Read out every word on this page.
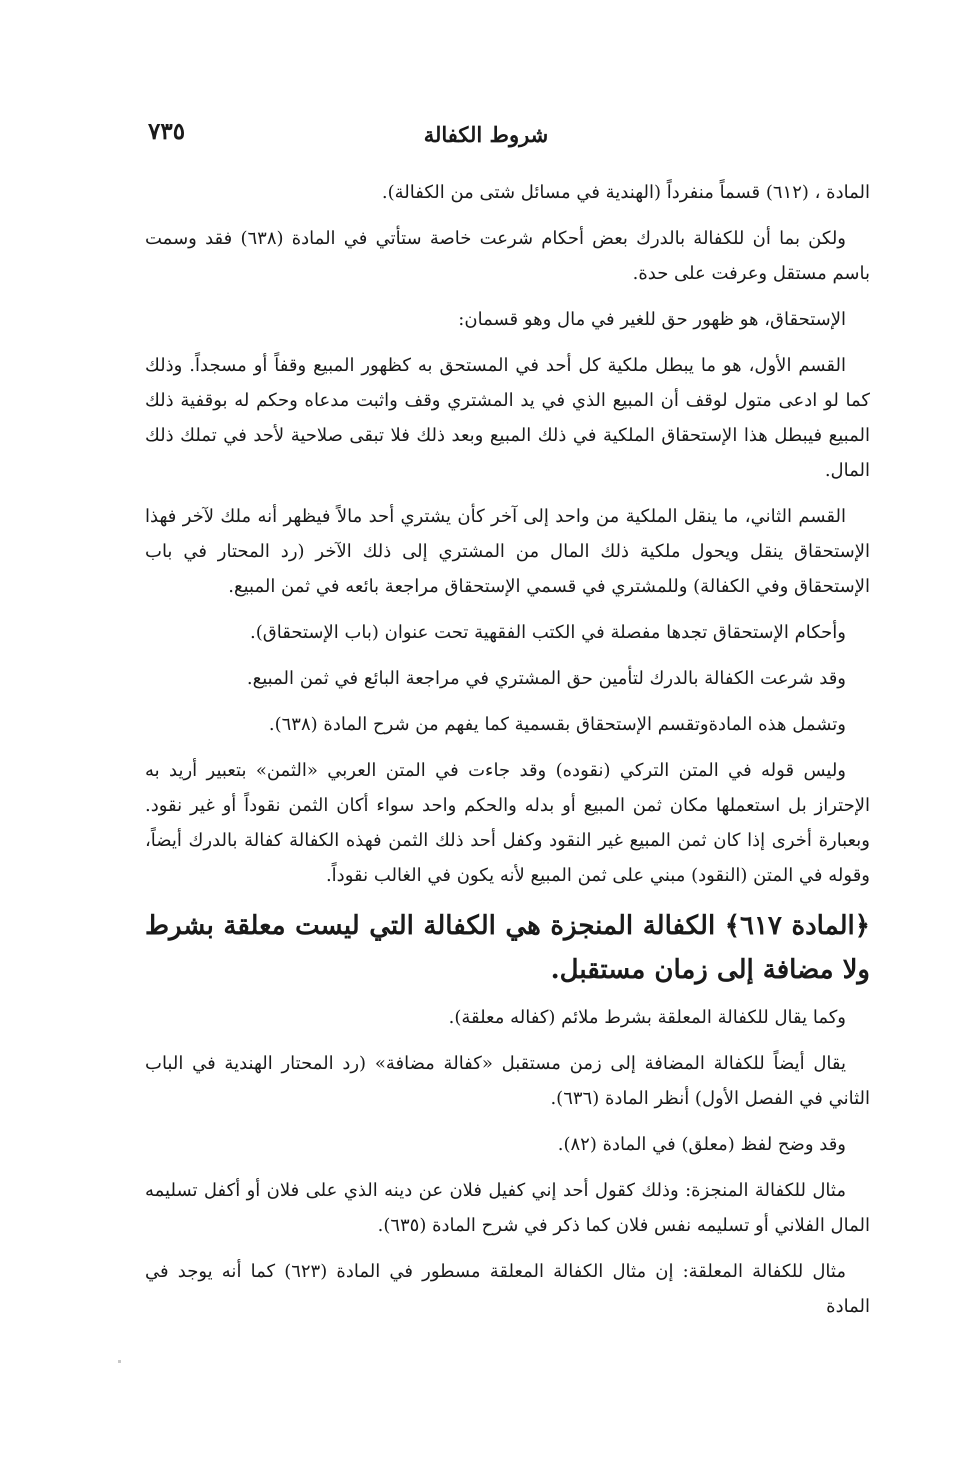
٧٣٥	شروط الكفالة

المادة ، (٦١٢) قسماً منفرداً (الهندية في مسائل شتى من الكفالة).

ولكن بما أن للكفالة بالدرك بعض أحكام شرعت خاصة ستأتي في المادة (٦٣٨) فقد وسمت باسم مستقل وعرفت على حدة.

الإستحقاق، هو ظهور حق للغير في مال وهو قسمان:

القسم الأول، هو ما يبطل ملكية كل أحد في المستحق به كظهور المبيع وقفاً أو مسجداً. وذلك كما لو ادعى متول لوقف أن المبيع الذي في يد المشتري وقف واثبت مدعاه وحكم له بوقفية ذلك المبيع فيبطل هذا الإستحقاق الملكية في ذلك المبيع وبعد ذلك فلا تبقى صلاحية لأحد في تملك ذلك المال.

القسم الثاني، ما ينقل الملكية من واحد إلى آخر كأن يشتري أحد مالاً فيظهر أنه ملك لآخر فهذا الإستحقاق ينقل ويحول ملكية ذلك المال من المشتري إلى ذلك الآخر (رد المحتار في باب الإستحقاق وفي الكفالة) وللمشتري في قسمي الإستحقاق مراجعة بائعه في ثمن المبيع.

وأحكام الإستحقاق تجدها مفصلة في الكتب الفقهية تحت عنوان (باب الإستحقاق).

وقد شرعت الكفالة بالدرك لتأمين حق المشتري في مراجعة البائع في ثمن المبيع.

وتشمل هذه المادةوتقسم الإستحقاق بقسمية كما يفهم من شرح المادة (٦٣٨).

وليس قوله في المتن التركي (نقوده) وقد جاءت في المتن العربي «الثمن» بتعبير أريد به الإحتراز بل استعملها مكان ثمن المبيع أو بدله والحكم واحد سواء أكان الثمن نقوداً أو غير نقود. وبعبارة أخرى إذا كان ثمن المبيع غير النقود وكفل أحد ذلك الثمن فهذه الكفالة كفالة بالدرك أيضاً، وقوله في المتن (النقود) مبني على ثمن المبيع لأنه يكون في الغالب نقوداً.

﴿المادة ٦١٧﴾ الكفالة المنجزة هي الكفالة التي ليست معلقة بشرط ولا مضافة إلى زمان مستقبل.

وكما يقال للكفالة المعلقة بشرط ملائم (كفاله معلقة).

يقال أيضاً للكفالة المضافة إلى زمن مستقبل «كفالة مضافة» (رد المحتار الهندية في الباب الثاني في الفصل الأول) أنظر المادة (٦٣٦).

وقد وضح لفظ (معلق) في المادة (٨٢).

مثال للكفالة المنجزة: وذلك كقول أحد إني كفيل فلان عن دينه الذي على فلان أو أكفل تسليمه المال الفلاني أو تسليمه نفس فلان كما ذكر في شرح المادة (٦٣٥).

مثال للكفالة المعلقة: إن مثال الكفالة المعلقة مسطور في المادة (٦٢٣) كما أنه يوجد في المادة
